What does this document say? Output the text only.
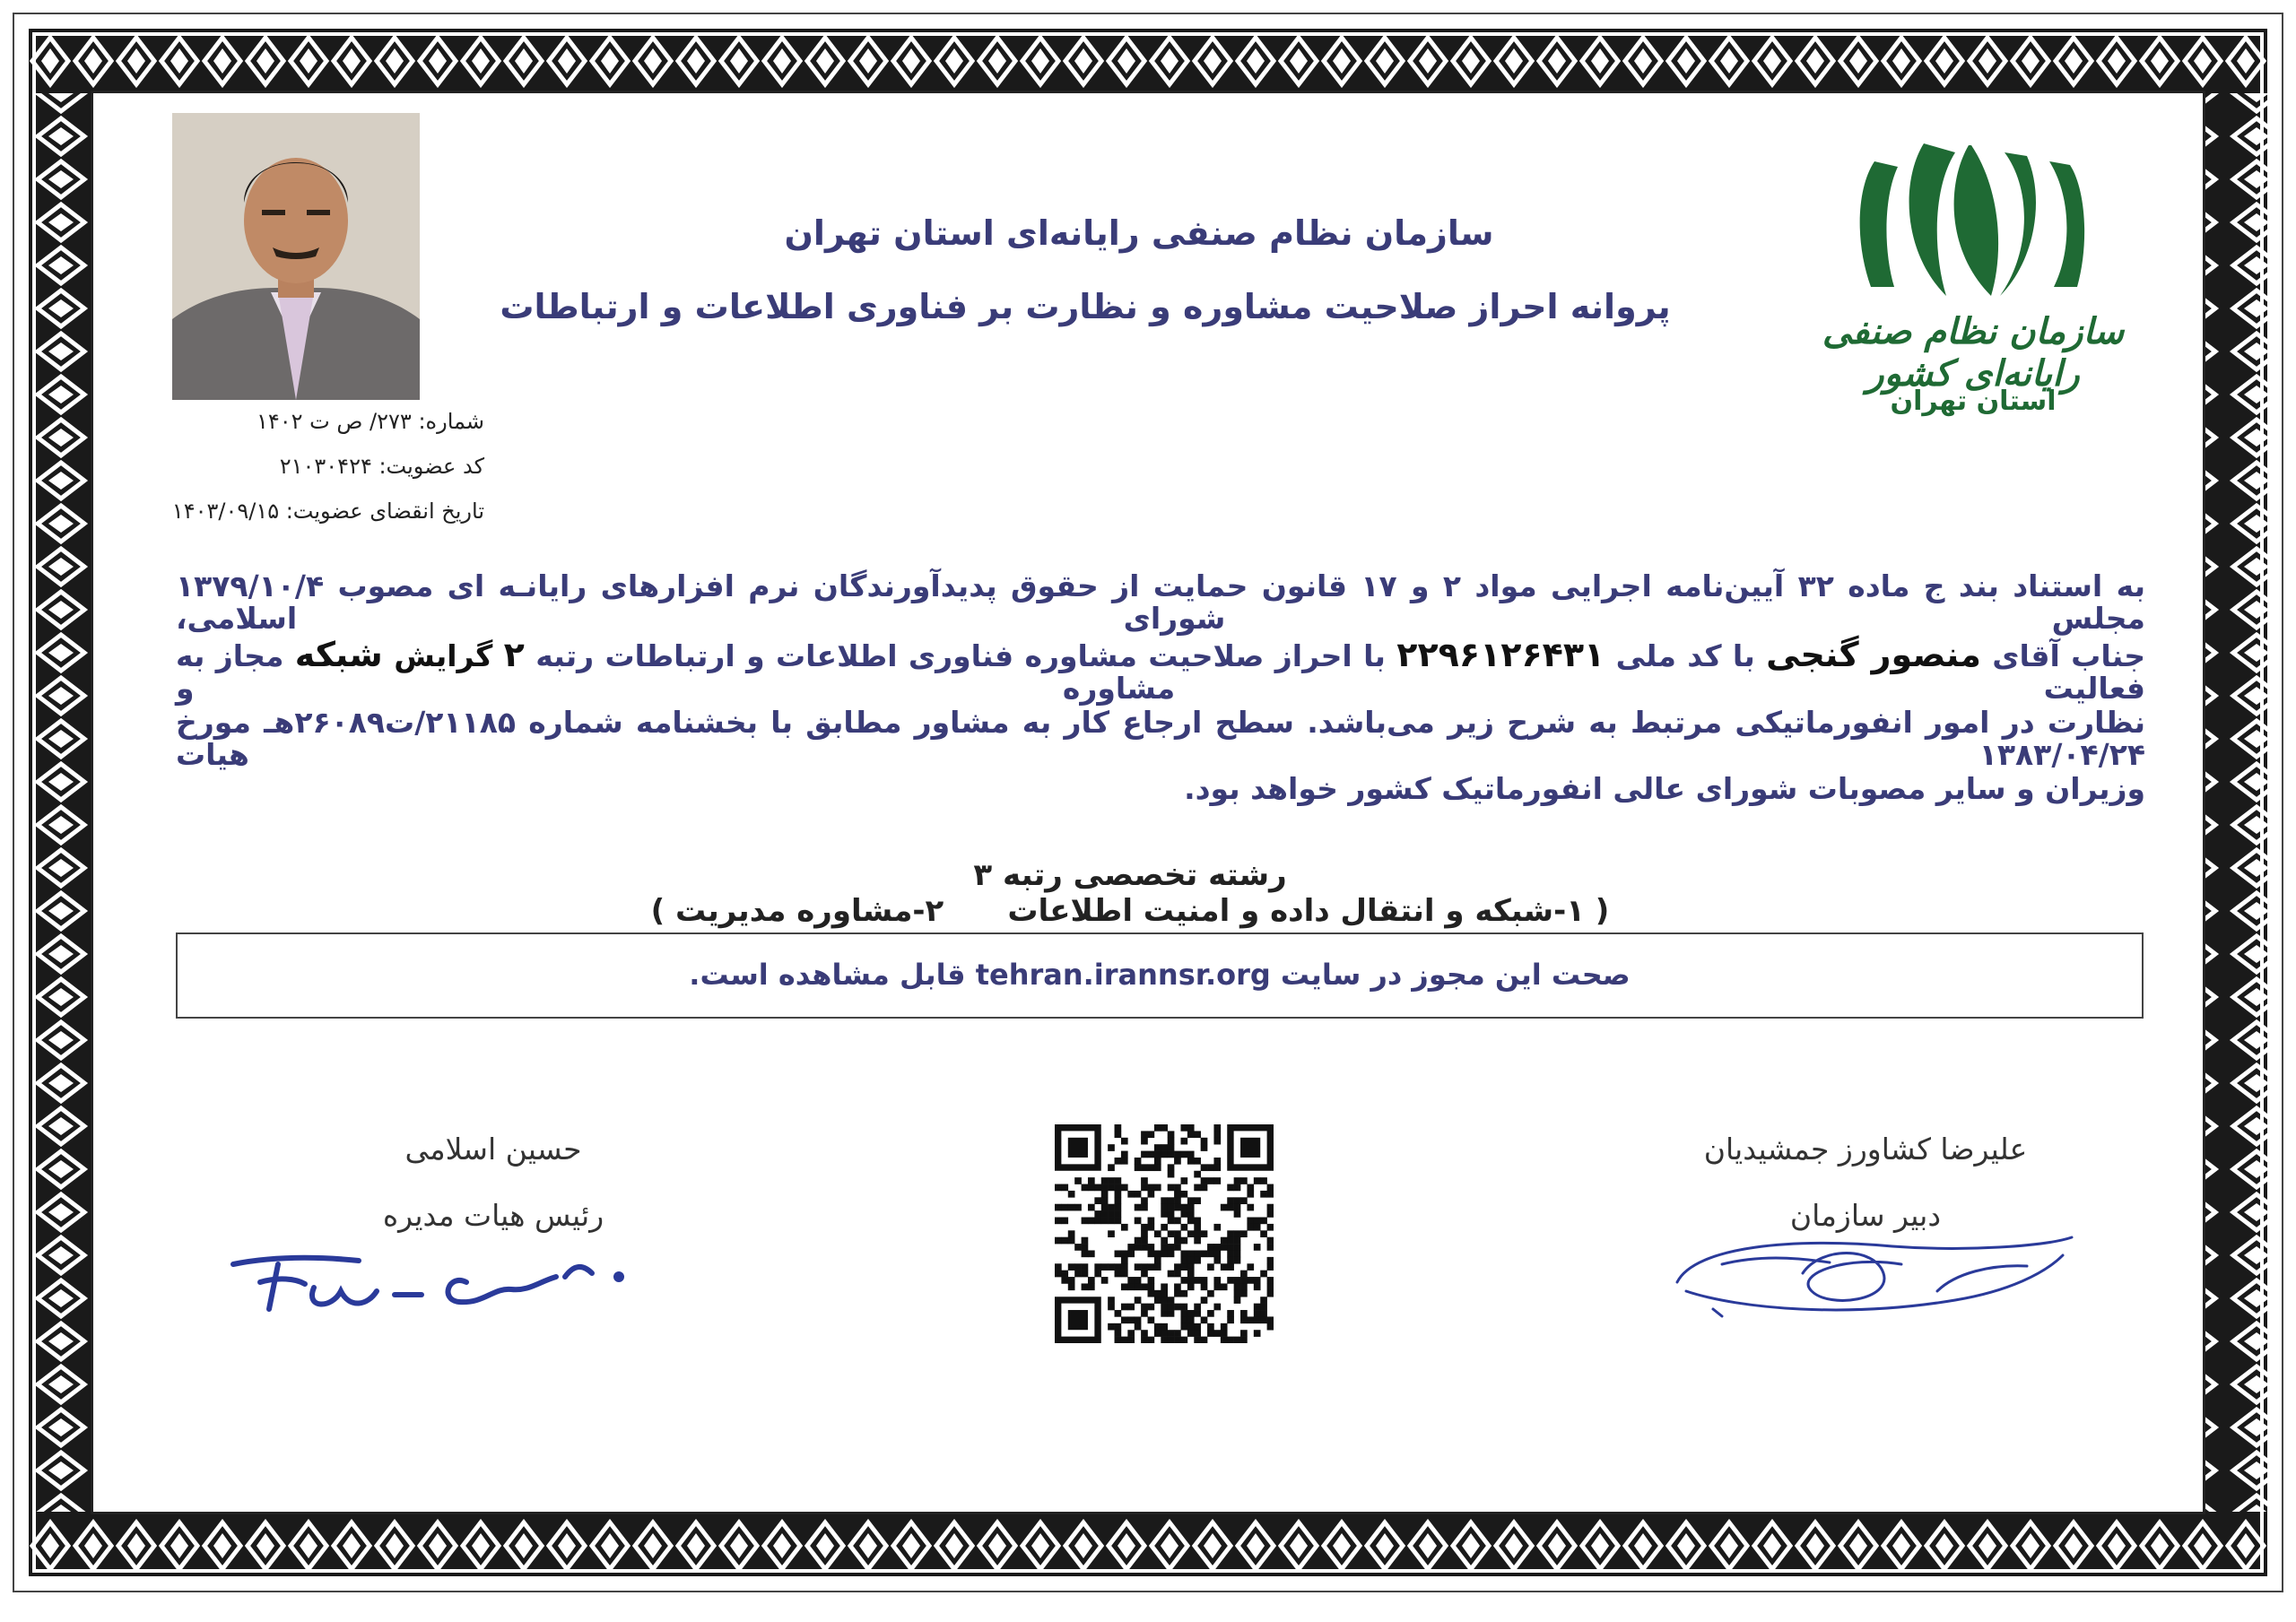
سازمان نظام صنفی رایانه‌ای استان تهران
پروانه احراز صلاحیت مشاوره و نظارت بر فناوری اطلاعات و ارتباطات
سازمان نظام صنفی رایانه‌ای کشور
استان تهران
شماره: ۲۷۳/ ص ت ۱۴۰۲
کد عضویت: ۲۱۰۳۰۴۲۴
تاریخ انقضای عضویت: ۱۴۰۳/۰۹/۱۵
به استناد بند ج ماده ۳۲ آیین‌نامه اجرایی مواد ۲ و ۱۷ قانون حمایت از حقوق پدیدآورندگان نرم افزارهای رایانـه ای مصوب ۱۳۷۹/۱۰/۴ مجلس شورای اسلامی،
جناب آقای منصور گنجی با کد ملی ۲۲۹۶۱۲۶۴۳۱ با احراز صلاحیت مشاوره فناوری اطلاعات و ارتباطات رتبه ۲ گرایش شبکه مجاز به فعالیت مشاوره و
نظارت در امور انفورماتیکی مرتبط به شرح زیر می‌باشد. سطح ارجاع کار به مشاور مطابق با بخشنامه شماره ۲۱۱۸۵/ت۲۶۰۸۹هـ مورخ ۱۳۸۳/۰۴/۲۴ هیات
وزیران و سایر مصوبات شورای عالی انفورماتیک کشور خواهد بود.
رشته تخصصی رتبه ۳ ( ۱-شبکه و انتقال داده و امنیت اطلاعات      ۲-مشاوره مدیریت )
صحت این مجوز در سایت tehran.irannsr.org قابل مشاهده است.
حسین اسلامی
رئیس هیات مدیره
علیرضا کشاورز جمشیدیان
دبیر سازمان
